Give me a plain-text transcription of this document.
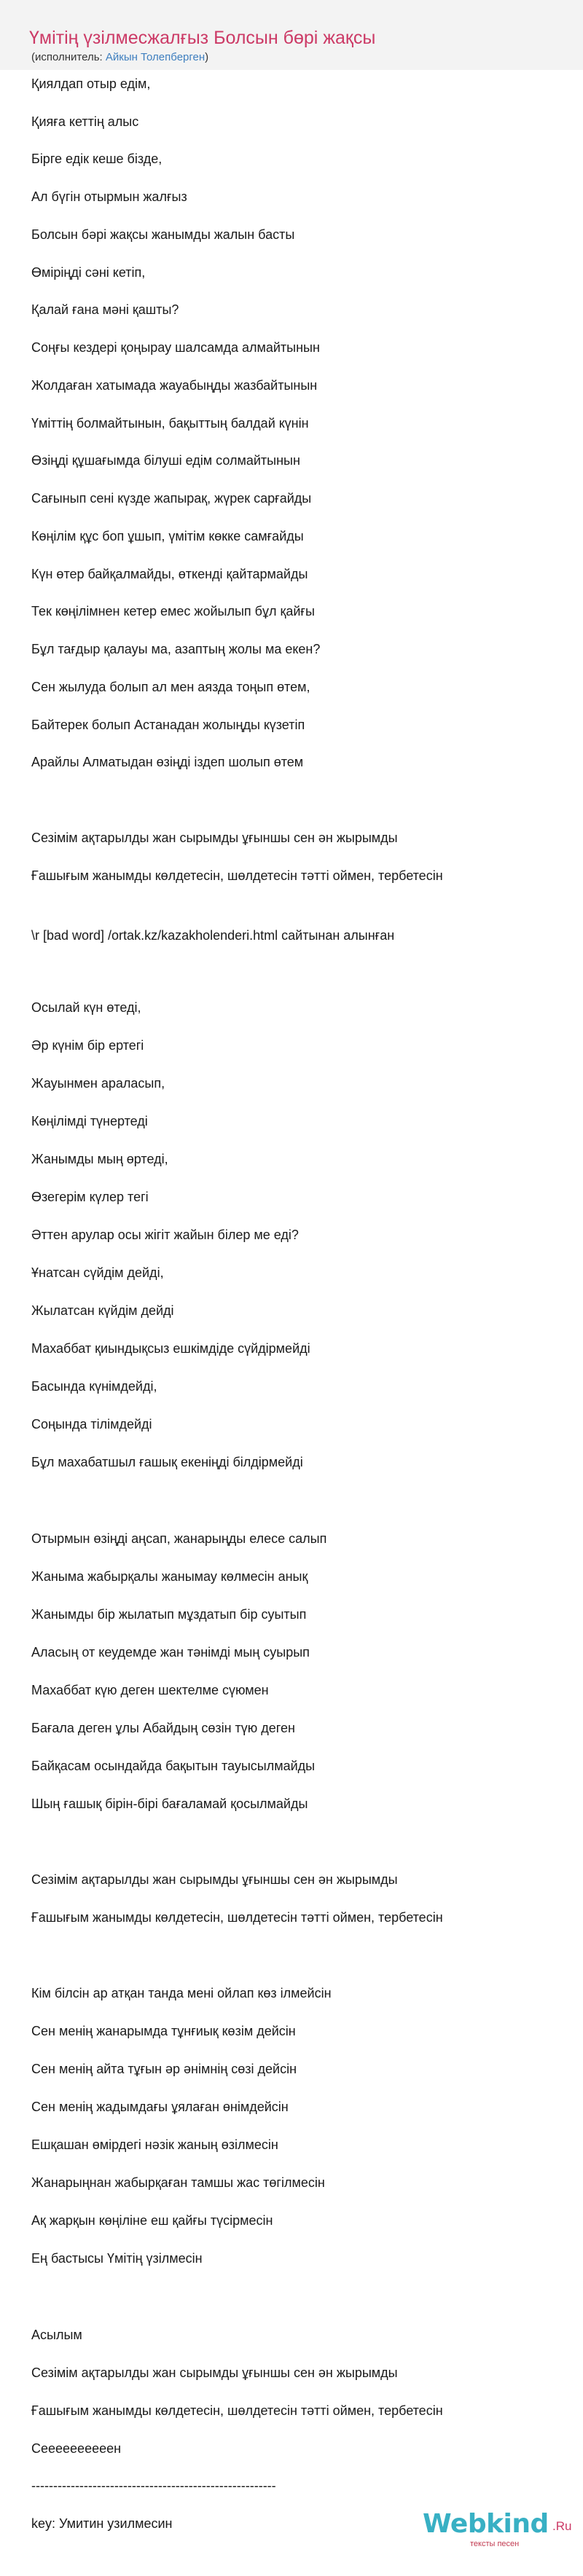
Үмітің үзілмесжалғыз Болсын бөрі жақсы
(исполнитель: Айкын Толепберген)
Қиялдап отыр едім,
Қияға кеттің алыс
Бірге едік кеше бізде,
Ал бүгін отырмын жалғыз
Болсын бәрі жақсы жанымды жалын басты
Өміріңді сәні кетіп,
Қалай ғана мәні қашты?
Соңғы кездері қоңырау шалсамда алмайтынын
Жолдаған хатымада жауабыңды жазбайтынын
Үміттің болмайтынын, бақыттың балдай күнін
Өзіңді құшағымда білуші едім солмайтынын
Сағынып сені күзде жапырақ, жүрек сарғайды
Көңілім құс боп ұшып, үмітім көкке самғайды
Күн өтер байқалмайды, өткенді қайтармайды
Тек көңілімнен кетер емес жойылып бұл қайғы
Бұл тағдыр қалауы ма, азаптың жолы ма екен?
Сен жылуда болып ал мен аязда тоңып өтем,
Байтерек болып Астанадан жолыңды күзетіп
Арайлы Алматыдан өзіңді іздеп шолып өтем
Сезімім ақтарылды жан сырымды ұғыншы сен ән жырымды
Ғашығым жанымды көлдетесін, шөлдетесін тәтті оймен, тербетесін
\r [bad word] /ortak.kz/kazakholenderi.html сайтынан алынған
Осылай күн өтеді,
Әр күнім бір ертегі
Жауынмен араласып,
Көңілімді түнертеді
Жанымды мың өртеді,
Өзегерім күлер тегі
Әттен арулар осы жігіт жайын білер ме еді?
Ұнатсан сүйдім дейді,
Жылатсан күйдім дейді
Махаббат қиындықсыз ешкімдіде сүйдірмейді
Басында күнімдейді,
Соңында тілімдейді
Бұл махабатшыл ғашық екеніңді білдірмейді
Отырмын өзіңді аңсап, жанарыңды елесе салып
Жаныма жабырқалы жанымау көлмесін анық
Жанымды бір жылатып мұздатып бір суытып
Аласың от кеудемде жан тәнімді мың суырып
Махаббат күю деген шектелме сүюмен
Бағала деген ұлы Абайдың сөзін түю деген
Байқасам осындайда бақытын тауысылмайды
Шың ғашық бірін-бірі бағаламай қосылмайды
Сезімім ақтарылды жан сырымды ұғыншы сен ән жырымды
Ғашығым жанымды көлдетесін, шөлдетесін тәтті оймен, тербетесін
Кім білсін ар атқан танда мені ойлап көз ілмейсін
Сен менің жанарымда тұнғиық көзім дейсін
Сен менің айта тұғын әр әнімнің сөзі дейсін
Сен менің жадымдағы ұялаған өнімдейсін
Ешқашан өмірдегі нәзік жаның өзілмесін
Жанарыңнан жабырқаған тамшы жас төгілмесін
Ақ жарқын көңіліне еш қайғы түсірмесін
Ең бастысы Үмітің үзілмесін
Асылым
Сезімім ақтарылды жан сырымды ұғыншы сен ән жырымды
Ғашығым жанымды көлдетесін, шөлдетесін тәтті оймен, тербетесін
Сеееееееееен
--------------------------------------------------------
key: Умитин узилмесин	Webkind .Ru
тексты песен
